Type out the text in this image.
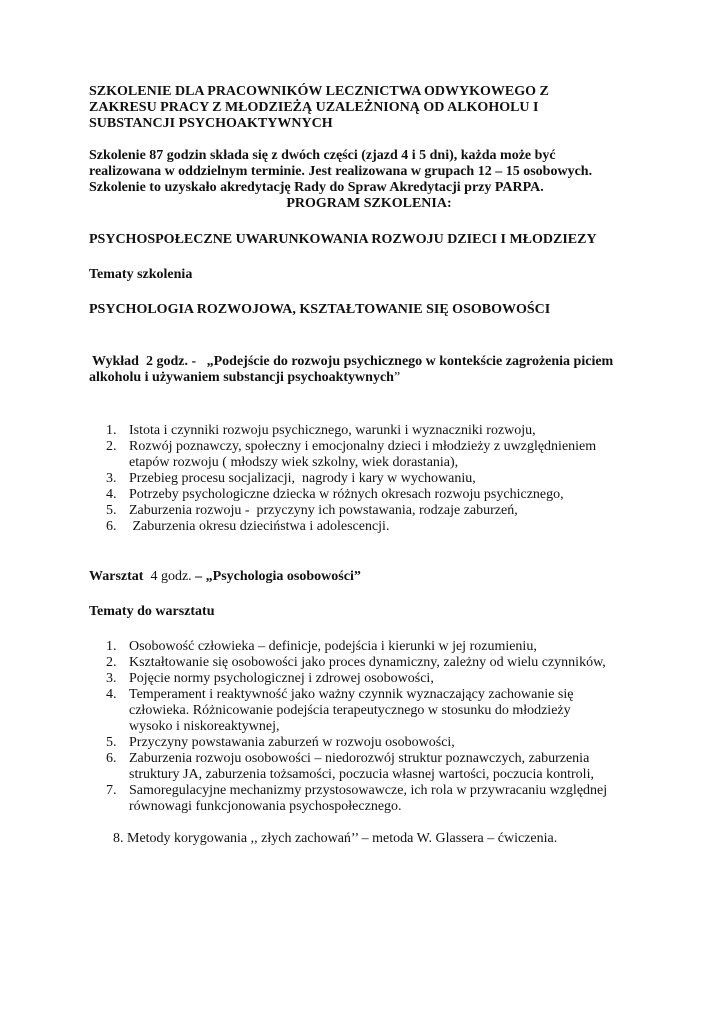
SZKOLENIE DLA PRACOWNIKÓW LECZNICTWA ODWYKOWEGO Z
ZAKRESU PRACY Z MŁODZIEŻĄ UZALEŻNIONĄ OD ALKOHOLU I
SUBSTANCJI PSYCHOAKTYWNYCH

Szkolenie 87 godzin składa się z dwóch części (zjazd 4 i 5 dni), każda może być
realizowana w oddzielnym terminie. Jest realizowana w grupach 12 – 15 osobowych.
Szkolenie to uzyskało akredytację Rady do Spraw Akredytacji przy PARPA.

PROGRAM SZKOLENIA:

PSYCHOSPOŁECZNE UWARUNKOWANIA ROZWOJU DZIECI I MŁODZIEZY

Tematy szkolenia

PSYCHOLOGIA ROZWOJOWA, KSZTAŁTOWANIE SIĘ OSOBOWOŚCI

Wykład  2 godz. -   „Podejście do rozwoju psychicznego w kontekście zagrożenia piciem
alkoholu i używaniem substancji psychoaktywnych”

1. Istota i czynniki rozwoju psychicznego, warunki i wyznaczniki rozwoju,
2. Rozwój poznawczy, społeczny i emocjonalny dzieci i młodzieży z uwzględnieniem
etapów rozwoju ( młodszy wiek szkolny, wiek dorastania),
3. Przebieg procesu socjalizacji,  nagrody i kary w wychowaniu,
4. Potrzeby psychologiczne dziecka w różnych okresach rozwoju psychicznego,
5. Zaburzenia rozwoju -  przyczyny ich powstawania, rodzaje zaburzeń,
6. Zaburzenia okresu dzieciństwa i adolescencji.

Warsztat  4 godz. – „Psychologia osobowości”

Tematy do warsztatu

1. Osobowość człowieka – definicje, podejścia i kierunki w jej rozumieniu,
2. Kształtowanie się osobowości jako proces dynamiczny, zależny od wielu czynników,
3. Pojęcie normy psychologicznej i zdrowej osobowości,
4. Temperament i reaktywność jako ważny czynnik wyznaczający zachowanie się
człowieka. Różnicowanie podejścia terapeutycznego w stosunku do młodzieży
wysoko i niskoreaktywnej,
5. Przyczyny powstawania zaburzeń w rozwoju osobowości,
6. Zaburzenia rozwoju osobowości – niedorozwój struktur poznawczych, zaburzenia
struktury JA, zaburzenia tożsamości, poczucia własnej wartości, poczucia kontroli,
7. Samoregulacyjne mechanizmy przystosowawcze, ich rola w przywracaniu względnej
równowagi funkcjonowania psychospołecznego.

8. Metody korygowania ,, złych zachowań’’ – metoda W. Glassera – ćwiczenia.
